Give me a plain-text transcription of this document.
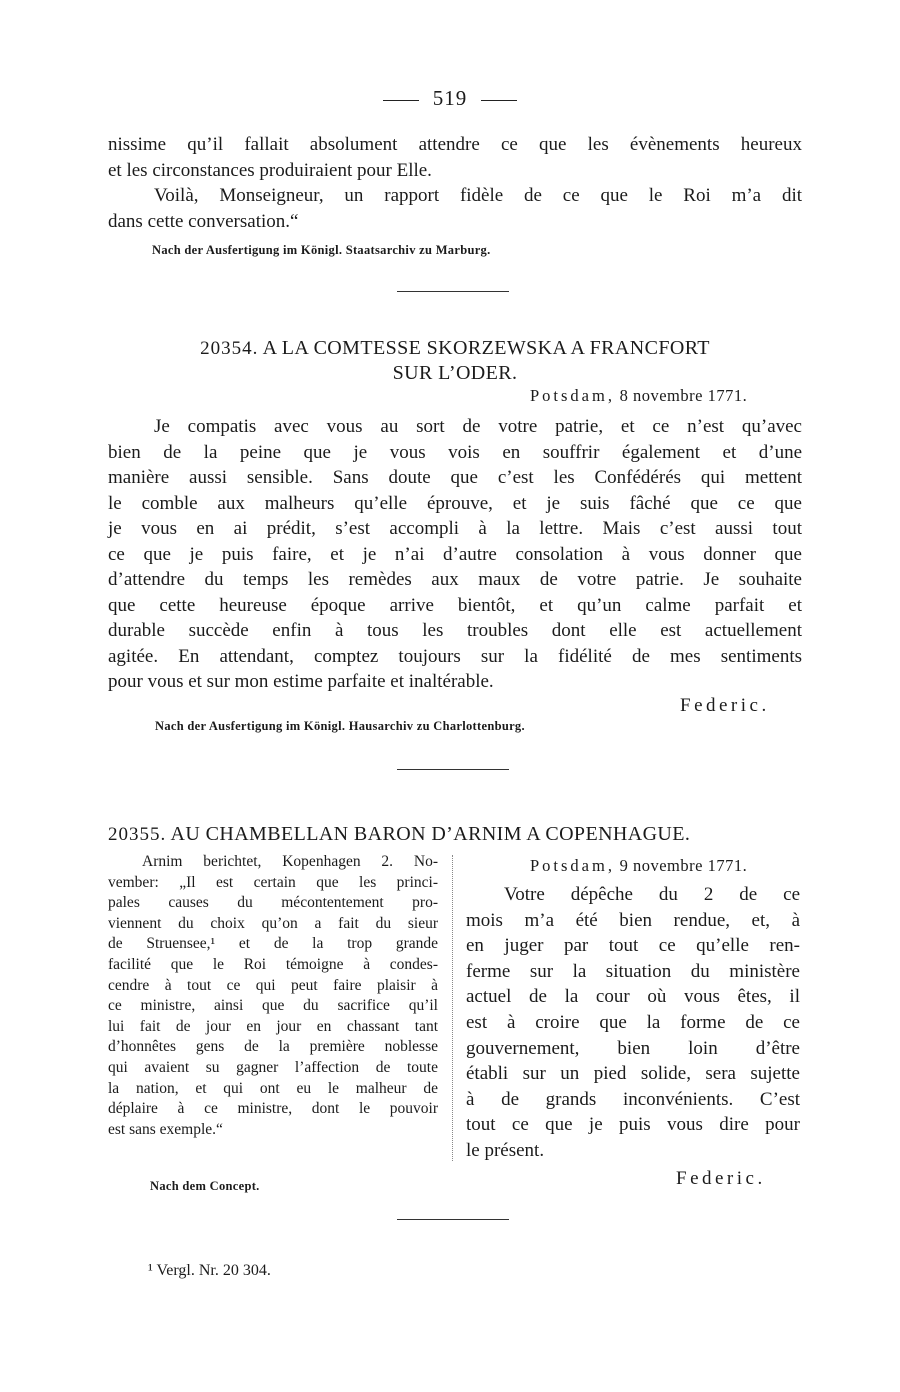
519
nissime qu’il fallait absolument attendre ce que les évènements heureux
et les circonstances produiraient pour Elle.
Voilà, Monseigneur, un rapport fidèle de ce que le Roi m’a dit
dans cette conversation.“
Nach der Ausfertigung im Königl. Staatsarchiv zu Marburg.
20354. A LA COMTESSE SKORZEWSKA A FRANCFORT
SUR L’ODER.
Potsdam, 8 novembre 1771.
Je compatis avec vous au sort de votre patrie, et ce n’est qu’avec
bien de la peine que je vous vois en souffrir également et d’une
manière aussi sensible. Sans doute que c’est les Confédérés qui mettent
le comble aux malheurs qu’elle éprouve, et je suis fâché que ce que
je vous en ai prédit, s’est accompli à la lettre. Mais c’est aussi tout
ce que je puis faire, et je n’ai d’autre consolation à vous donner que
d’attendre du temps les remèdes aux maux de votre patrie. Je souhaite
que cette heureuse époque arrive bientôt, et qu’un calme parfait et
durable succède enfin à tous les troubles dont elle est actuellement
agitée. En attendant, comptez toujours sur la fidélité de mes sentiments
pour vous et sur mon estime parfaite et inaltérable.
Federic.
Nach der Ausfertigung im Königl. Hausarchiv zu Charlottenburg.
20355. AU CHAMBELLAN BARON D’ARNIM A COPENHAGUE.
Arnim berichtet, Kopenhagen 2. No-
vember: „Il est certain que les princi-
pales causes du mécontentement pro-
viennent du choix qu’on a fait du sieur
de Struensee,¹ et de la trop grande
facilité que le Roi témoigne à condes-
cendre à tout ce qui peut faire plaisir à
ce ministre, ainsi que du sacrifice qu’il
lui fait de jour en jour en chassant tant
d’honnêtes gens de la première noblesse
qui avaient su gagner l’affection de toute
la nation, et qui ont eu le malheur de
déplaire à ce ministre, dont le pouvoir
est sans exemple.“
Nach dem Concept.
Potsdam, 9 novembre 1771.
Votre dépêche du 2 de ce
mois m’a été bien rendue, et, à
en juger par tout ce qu’elle ren-
ferme sur la situation du ministère
actuel de la cour où vous êtes, il
est à croire que la forme de ce
gouvernement, bien loin d’être
établi sur un pied solide, sera sujette
à de grands inconvénients. C’est
tout ce que je puis vous dire pour
le présent.
Federic.
¹ Vergl. Nr. 20 304.
